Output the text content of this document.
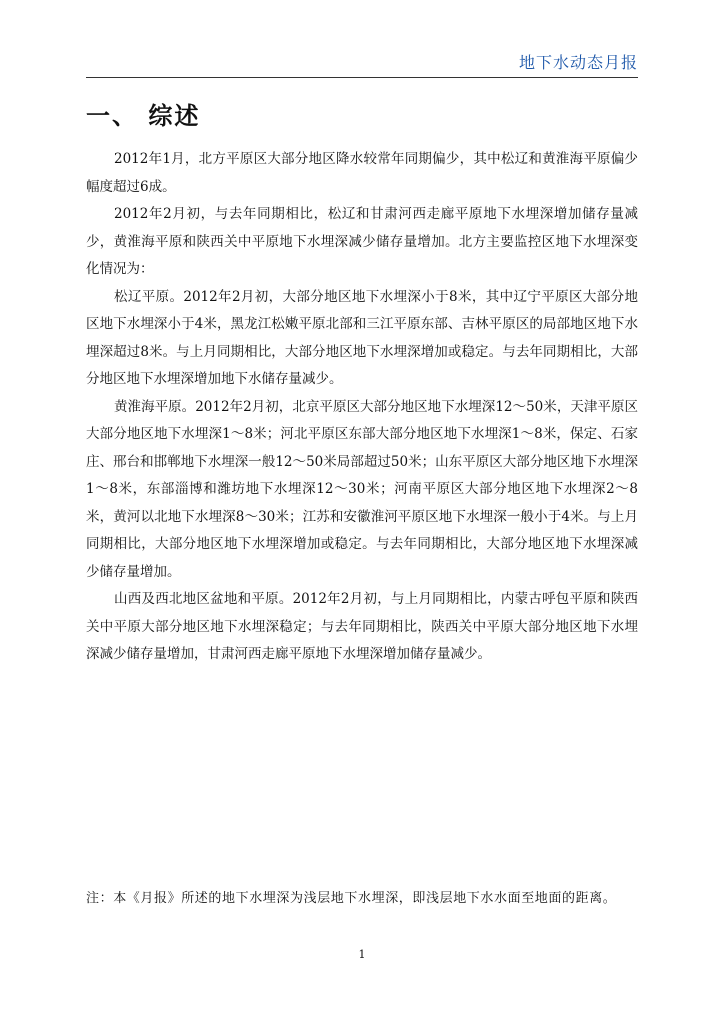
地下水动态月报
一、 综述

2012年1月，北方平原区大部分地区降水较常年同期偏少，其中松辽和黄淮海平原偏少幅度超过6成。

2012年2月初，与去年同期相比，松辽和甘肃河西走廊平原地下水埋深增加储存量减少，黄淮海平原和陕西关中平原地下水埋深减少储存量增加。北方主要监控区地下水埋深变化情况为：

松辽平原。2012年2月初，大部分地区地下水埋深小于8米，其中辽宁平原区大部分地区地下水埋深小于4米，黑龙江松嫩平原北部和三江平原东部、吉林平原区的局部地区地下水埋深超过8米。与上月同期相比，大部分地区地下水埋深增加或稳定。与去年同期相比，大部分地区地下水埋深增加地下水储存量减少。

黄淮海平原。2012年2月初，北京平原区大部分地区地下水埋深12～50米，天津平原区大部分地区地下水埋深1～8米；河北平原区东部大部分地区地下水埋深1～8米，保定、石家庄、邢台和邯郸地下水埋深一般12～50米局部超过50米；山东平原区大部分地区地下水埋深1～8米，东部淄博和潍坊地下水埋深12～30米；河南平原区大部分地区地下水埋深2～8米，黄河以北地下水埋深8～30米；江苏和安徽淮河平原区地下水埋深一般小于4米。与上月同期相比，大部分地区地下水埋深增加或稳定。与去年同期相比，大部分地区地下水埋深减少储存量增加。

山西及西北地区盆地和平原。2012年2月初，与上月同期相比，内蒙古呼包平原和陕西关中平原大部分地区地下水埋深稳定；与去年同期相比，陕西关中平原大部分地区地下水埋深减少储存量增加，甘肃河西走廊平原地下水埋深增加储存量减少。

注：本《月报》所述的地下水埋深为浅层地下水埋深，即浅层地下水水面至地面的距离。
1
